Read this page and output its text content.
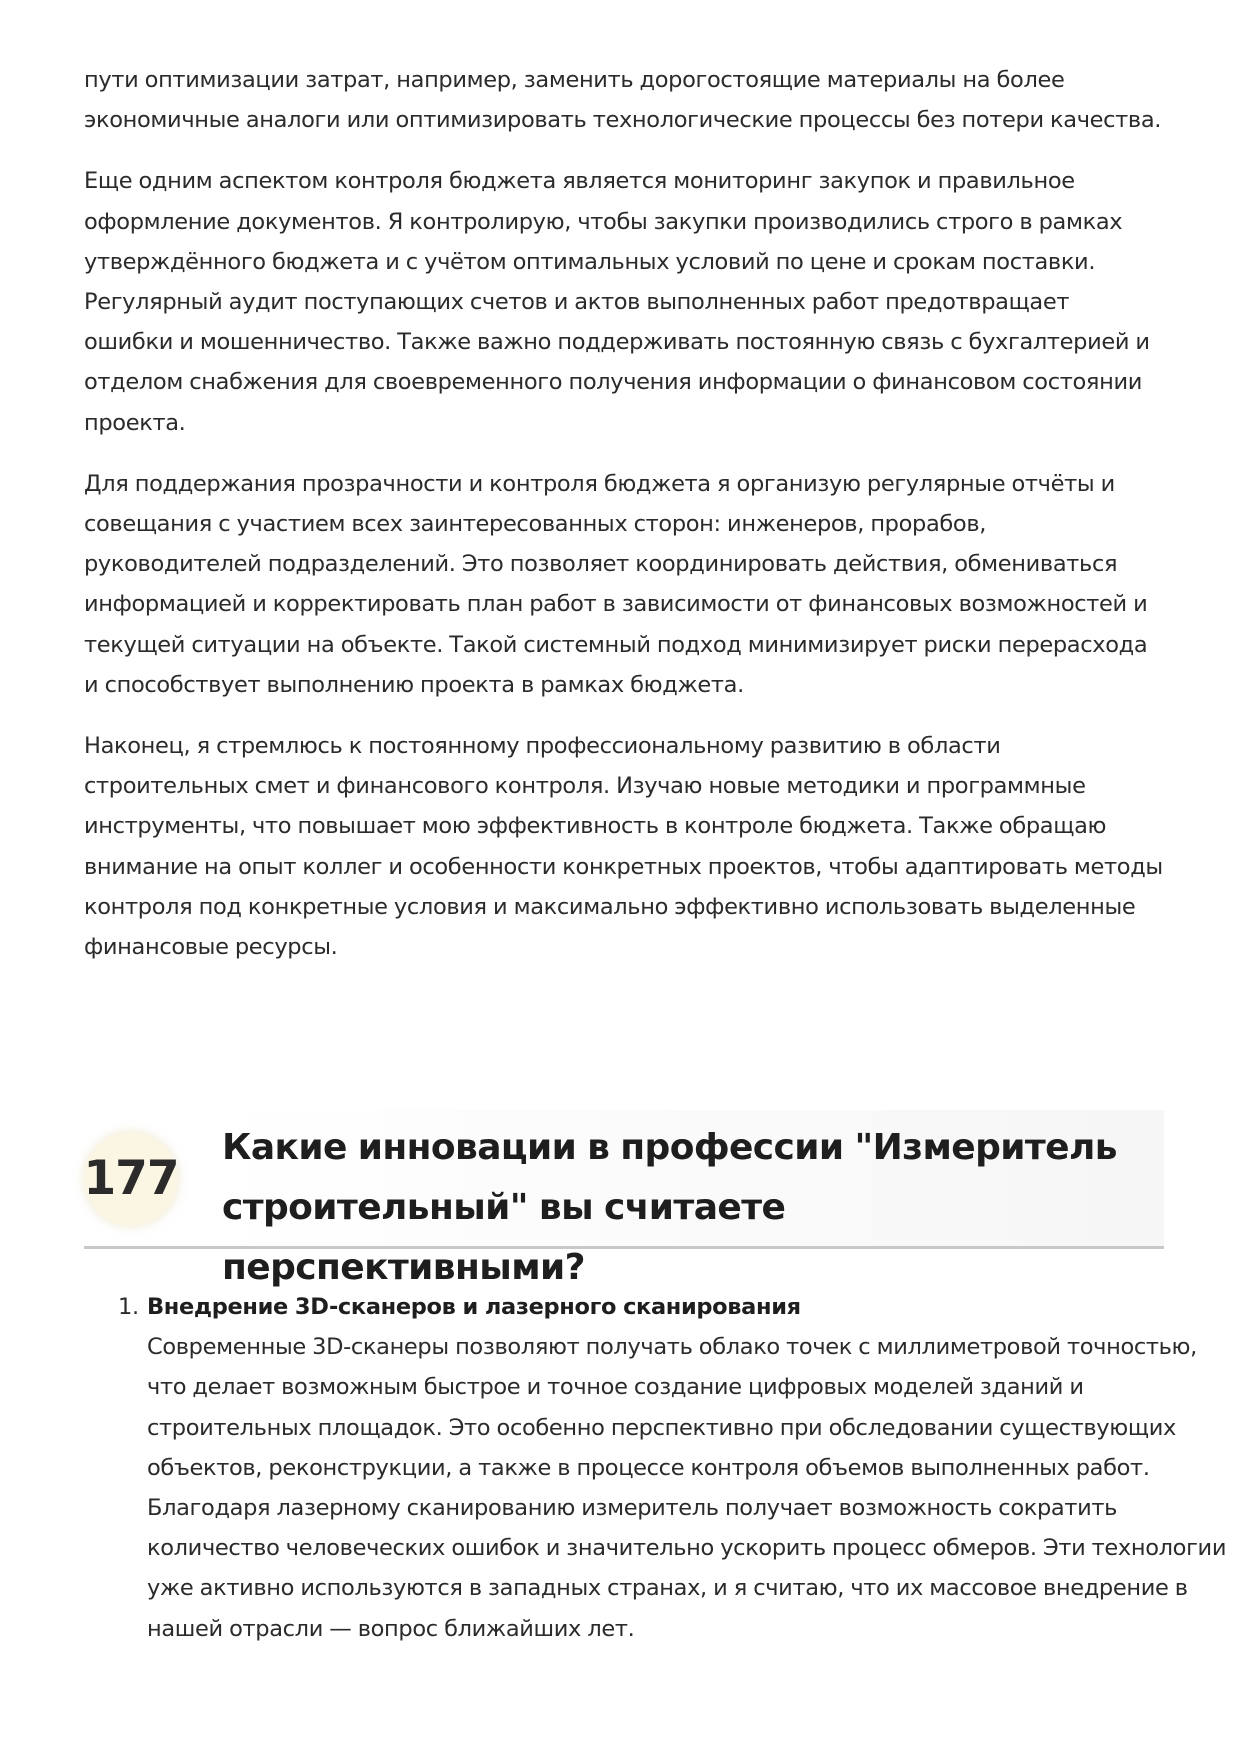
пути оптимизации затрат, например, заменить дорогостоящие материалы на более экономичные аналоги или оптимизировать технологические процессы без потери качества.

Еще одним аспектом контроля бюджета является мониторинг закупок и правильное оформление документов. Я контролирую, чтобы закупки производились строго в рамках утверждённого бюджета и с учётом оптимальных условий по цене и срокам поставки. Регулярный аудит поступающих счетов и актов выполненных работ предотвращает ошибки и мошенничество. Также важно поддерживать постоянную связь с бухгалтерией и отделом снабжения для своевременного получения информации о финансовом состоянии проекта.

Для поддержания прозрачности и контроля бюджета я организую регулярные отчёты и совещания с участием всех заинтересованных сторон: инженеров, прорабов, руководителей подразделений. Это позволяет координировать действия, обмениваться информацией и корректировать план работ в зависимости от финансовых возможностей и текущей ситуации на объекте. Такой системный подход минимизирует риски перерасхода и способствует выполнению проекта в рамках бюджета.

Наконец, я стремлюсь к постоянному профессиональному развитию в области строительных смет и финансового контроля. Изучаю новые методики и программные инструменты, что повышает мою эффективность в контроле бюджета. Также обращаю внимание на опыт коллег и особенности конкретных проектов, чтобы адаптировать методы контроля под конкретные условия и максимально эффективно использовать выделенные финансовые ресурсы.

177
Какие инновации в профессии "Измеритель строительный" вы считаете перспективными?
1. Внедрение 3D-сканеров и лазерного сканирования
Современные 3D-сканеры позволяют получать облако точек с миллиметровой точностью, что делает возможным быстрое и точное создание цифровых моделей зданий и строительных площадок. Это особенно перспективно при обследовании существующих объектов, реконструкции, а также в процессе контроля объемов выполненных работ. Благодаря лазерному сканированию измеритель получает возможность сократить количество человеческих ошибок и значительно ускорить процесс обмеров. Эти технологии уже активно используются в западных странах, и я считаю, что их массовое внедрение в нашей отрасли — вопрос ближайших лет.
